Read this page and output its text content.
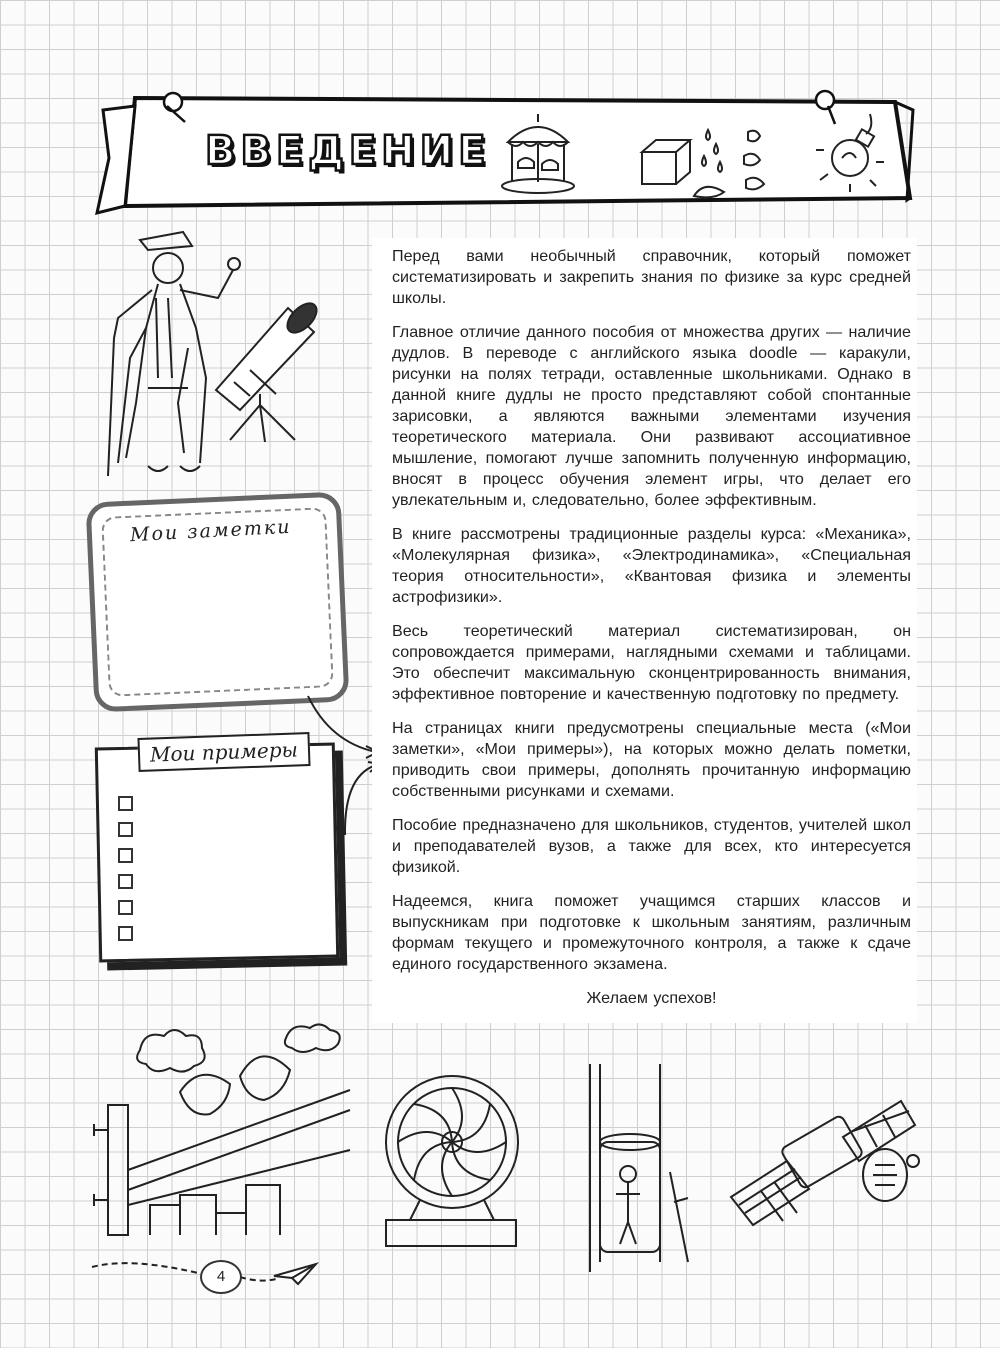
ВВЕДЕНИЕ
Мои заметки
Мои примеры

Перед вами необычный справочник, который поможет систематизировать и закрепить знания по физике за курс средней школы.

Главное отличие данного пособия от множества других — наличие дудлов. В переводе с английского языка doodle — каракули, рисунки на полях тетради, оставленные школьниками. Однако в данной книге дудлы не просто представляют собой спонтанные зарисовки, а являются важными элементами изучения теоретического материала. Они развивают ассоциативное мышление, помогают лучше запомнить полученную информацию, вносят в процесс обучения элемент игры, что делает его увлекательным и, следовательно, более эффективным.

В книге рассмотрены традиционные разделы курса: «Механика», «Молекулярная физика», «Электродинамика», «Специальная теория относительности», «Квантовая физика и элементы астрофизики».

Весь теоретический материал систематизирован, он сопровождается примерами, наглядными схемами и таблицами. Это обеспечит максимальную сконцентрированность внимания, эффективное повторение и качественную подготовку по предмету.

На страницах книги предусмотрены специальные места («Мои заметки», «Мои примеры»), на которых можно делать пометки, приводить свои примеры, дополнять прочитанную информацию собственными рисунками и схемами.

Пособие предназначено для школьников, студентов, учителей школ и преподавателей вузов, а также для всех, кто интересуется физикой.

Надеемся, книга поможет учащимся старших классов и выпускникам при подготовке к школьным занятиям, различным формам текущего и промежуточного контроля, а также к сдаче единого государственного экзамена.

Желаем успехов!

4
